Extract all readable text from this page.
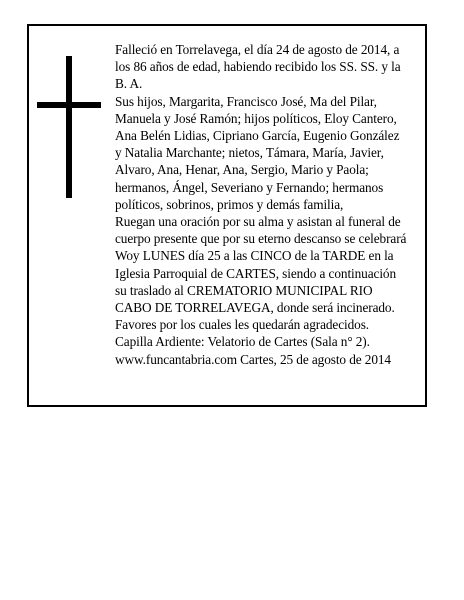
Falleció en Torrelavega, el día 24 de agosto de 2014, a
los 86 años de edad, habiendo recibido los SS. SS. y la
B. A.
Sus hijos, Margarita, Francisco José, Ma del Pilar,
Manuela y José Ramón; hijos políticos, Eloy Cantero,
Ana Belén Lidias, Cipriano García, Eugenio González
y Natalia Marchante; nietos, Támara, María, Javier,
Alvaro, Ana, Henar, Ana, Sergio, Mario y Paola;
hermanos, Ángel, Severiano y Fernando; hermanos
políticos, sobrinos, primos y demás familia,
Ruegan una oración por su alma y asistan al funeral de
cuerpo presente que por su eterno descanso se celebrará
Woy LUNES día 25 a las CINCO de la TARDE en la
Iglesia Parroquial de CARTES, siendo a continuación
su traslado al CREMATORIO MUNICIPAL RIO
CABO DE TORRELAVEGA, donde será incinerado.
Favores por los cuales les quedarán agradecidos.
Capilla Ardiente: Velatorio de Cartes (Sala n° 2).
www.funcantabria.com Cartes, 25 de agosto de 2014
